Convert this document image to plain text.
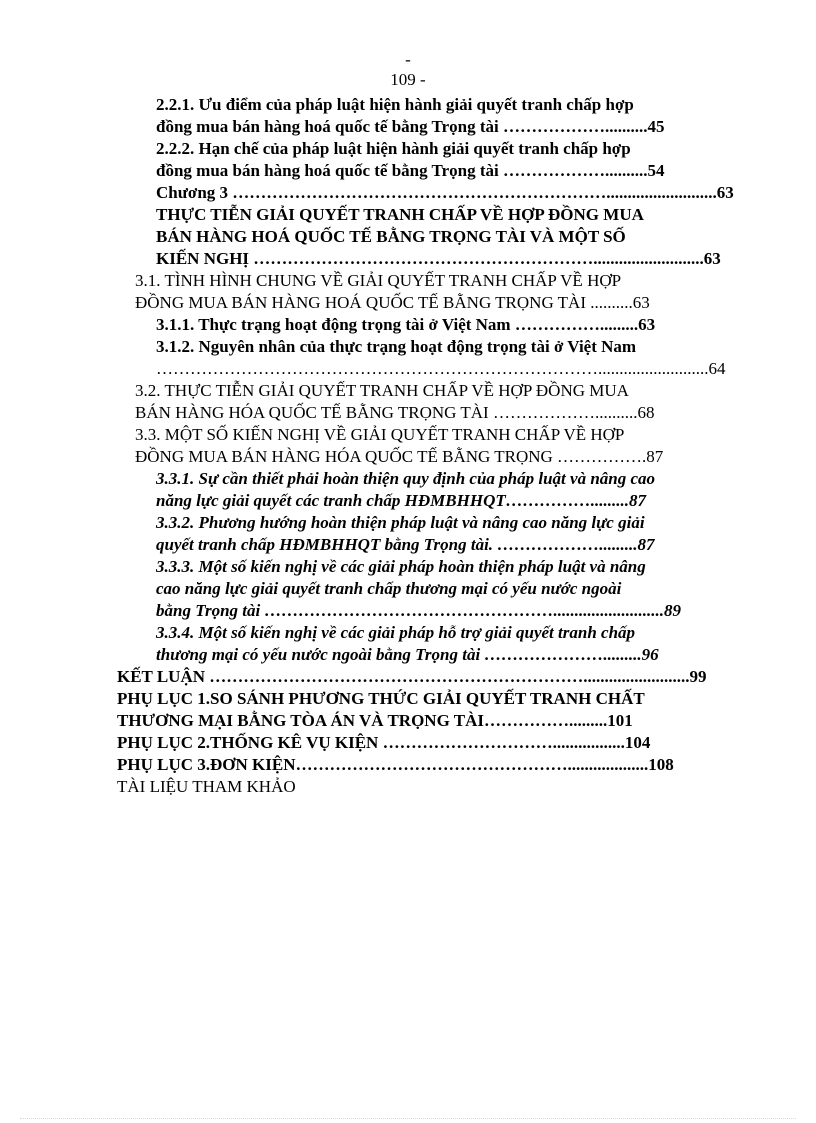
-
109 -
2.2.1. Ưu điểm của pháp luật hiện hành giải quyết tranh chấp hợp
đồng mua bán hàng hoá quốc tế bằng Trọng tài ………………..........45
2.2.2. Hạn chế của pháp luật hiện hành giải quyết tranh chấp hợp
đồng mua bán hàng hoá quốc tế bằng Trọng tài ………………..........54
Chương 3 …………………………………………………………..........................63
THỰC TIỄN GIẢI QUYẾT TRANH CHẤP VỀ HỢP ĐỒNG MUA
BÁN HÀNG HOÁ QUỐC TẾ BẰNG TRỌNG TÀI VÀ MỘT SỐ
KIẾN NGHỊ ……………………………………………………..........................63
3.1. TÌNH HÌNH CHUNG VỀ GIẢI QUYẾT TRANH CHẤP VỀ HỢP
ĐỒNG MUA BÁN HÀNG HOÁ QUỐC TẾ BẰNG TRỌNG TÀI ..........63
3.1.1. Thực trạng hoạt động trọng tài ở Việt Nam …………….........63
3.1.2. Nguyên nhân của thực trạng hoạt động trọng tài ở Việt Nam
……………………………………………………………………..........................64
3.2. THỰC TIỄN GIẢI QUYẾT TRANH CHẤP VỀ HỢP ĐỒNG MUA
BÁN HÀNG HÓA QUỐC TẾ BẰNG TRỌNG TÀI ………………..........68
3.3. MỘT SỐ KIẾN NGHỊ VỀ GIẢI QUYẾT TRANH CHẤP VỀ HỢP
ĐỒNG MUA BÁN HÀNG HÓA QUỐC TẾ BẰNG TRỌNG …………….87
3.3.1. Sự cần thiết phải hoàn thiện quy định của pháp luật và nâng cao
năng lực giải quyết các tranh chấp HĐMBHHQT…………….........87
3.3.2. Phương hướng hoàn thiện pháp luật và nâng cao năng lực giải
quyết tranh chấp HĐMBHHQT bằng Trọng tài. ……………….........87
3.3.3. Một số kiến nghị về các giải pháp hoàn thiện pháp luật và nâng
cao năng lực giải quyết tranh chấp thương mại có yếu nước ngoài
bằng Trọng tài ……………………………………………..........................89
3.3.4. Một số kiến nghị về các giải pháp hỗ trợ giải quyết tranh chấp
thương mại có yếu nước ngoài bằng Trọng tài ………………….........96
KẾT LUẬN ………………………………………………………….........................99
PHỤ LỤC 1.SO SÁNH PHƯƠNG THỨC GIẢI QUYẾT TRANH CHẤT
THƯƠNG MẠI BẰNG TÒA ÁN VÀ TRỌNG TÀI…………….........101
PHỤ LỤC 2.THỐNG KÊ VỤ KIỆN ………………………….................104
PHỤ LỤC 3.ĐƠN KIỆN…………………………………………...................108
TÀI LIỆU THAM KHẢO
